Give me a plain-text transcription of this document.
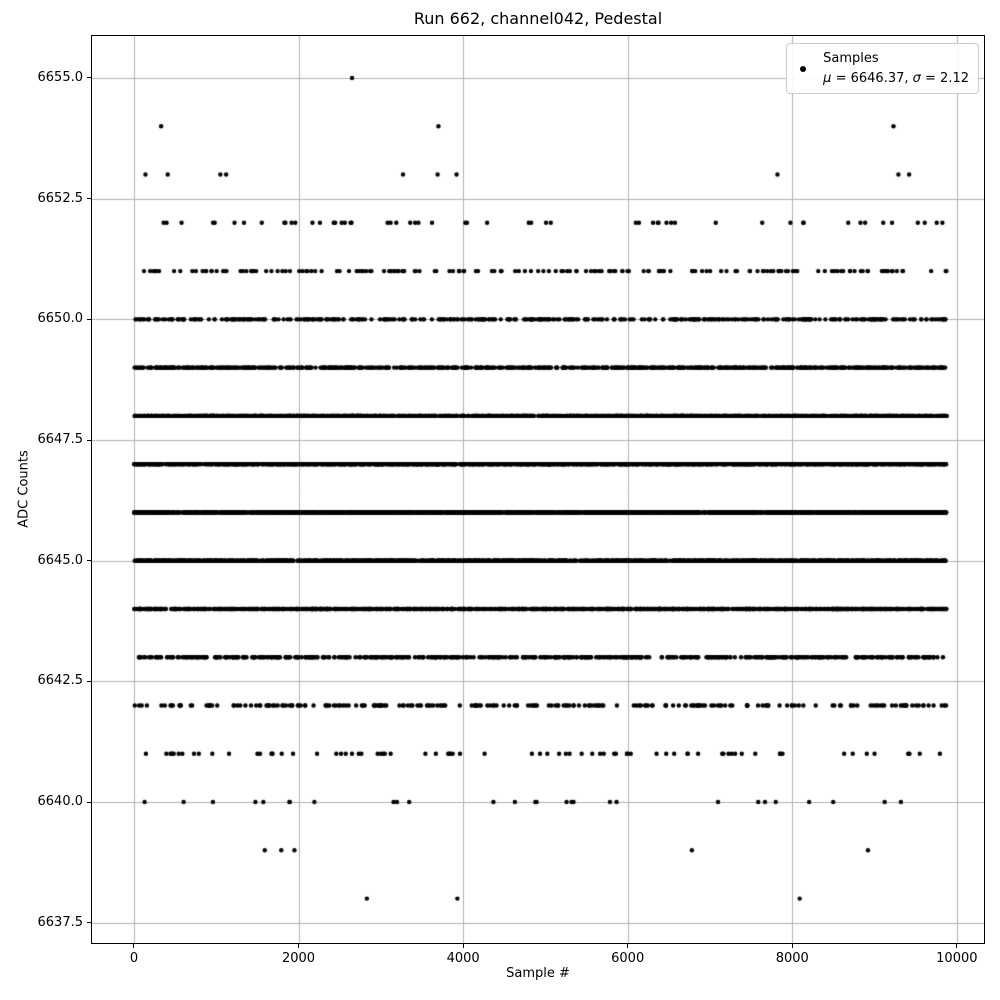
Run 662, channel042, Pedestal
ADC Counts
Samples
μ = 6646.37, σ = 2.12
Sample #
0	2000	4000	6000	8000	10000
6637.5
6640.0
6642.5
6645.0
6647.5
6650.0
6652.5
6655.0
